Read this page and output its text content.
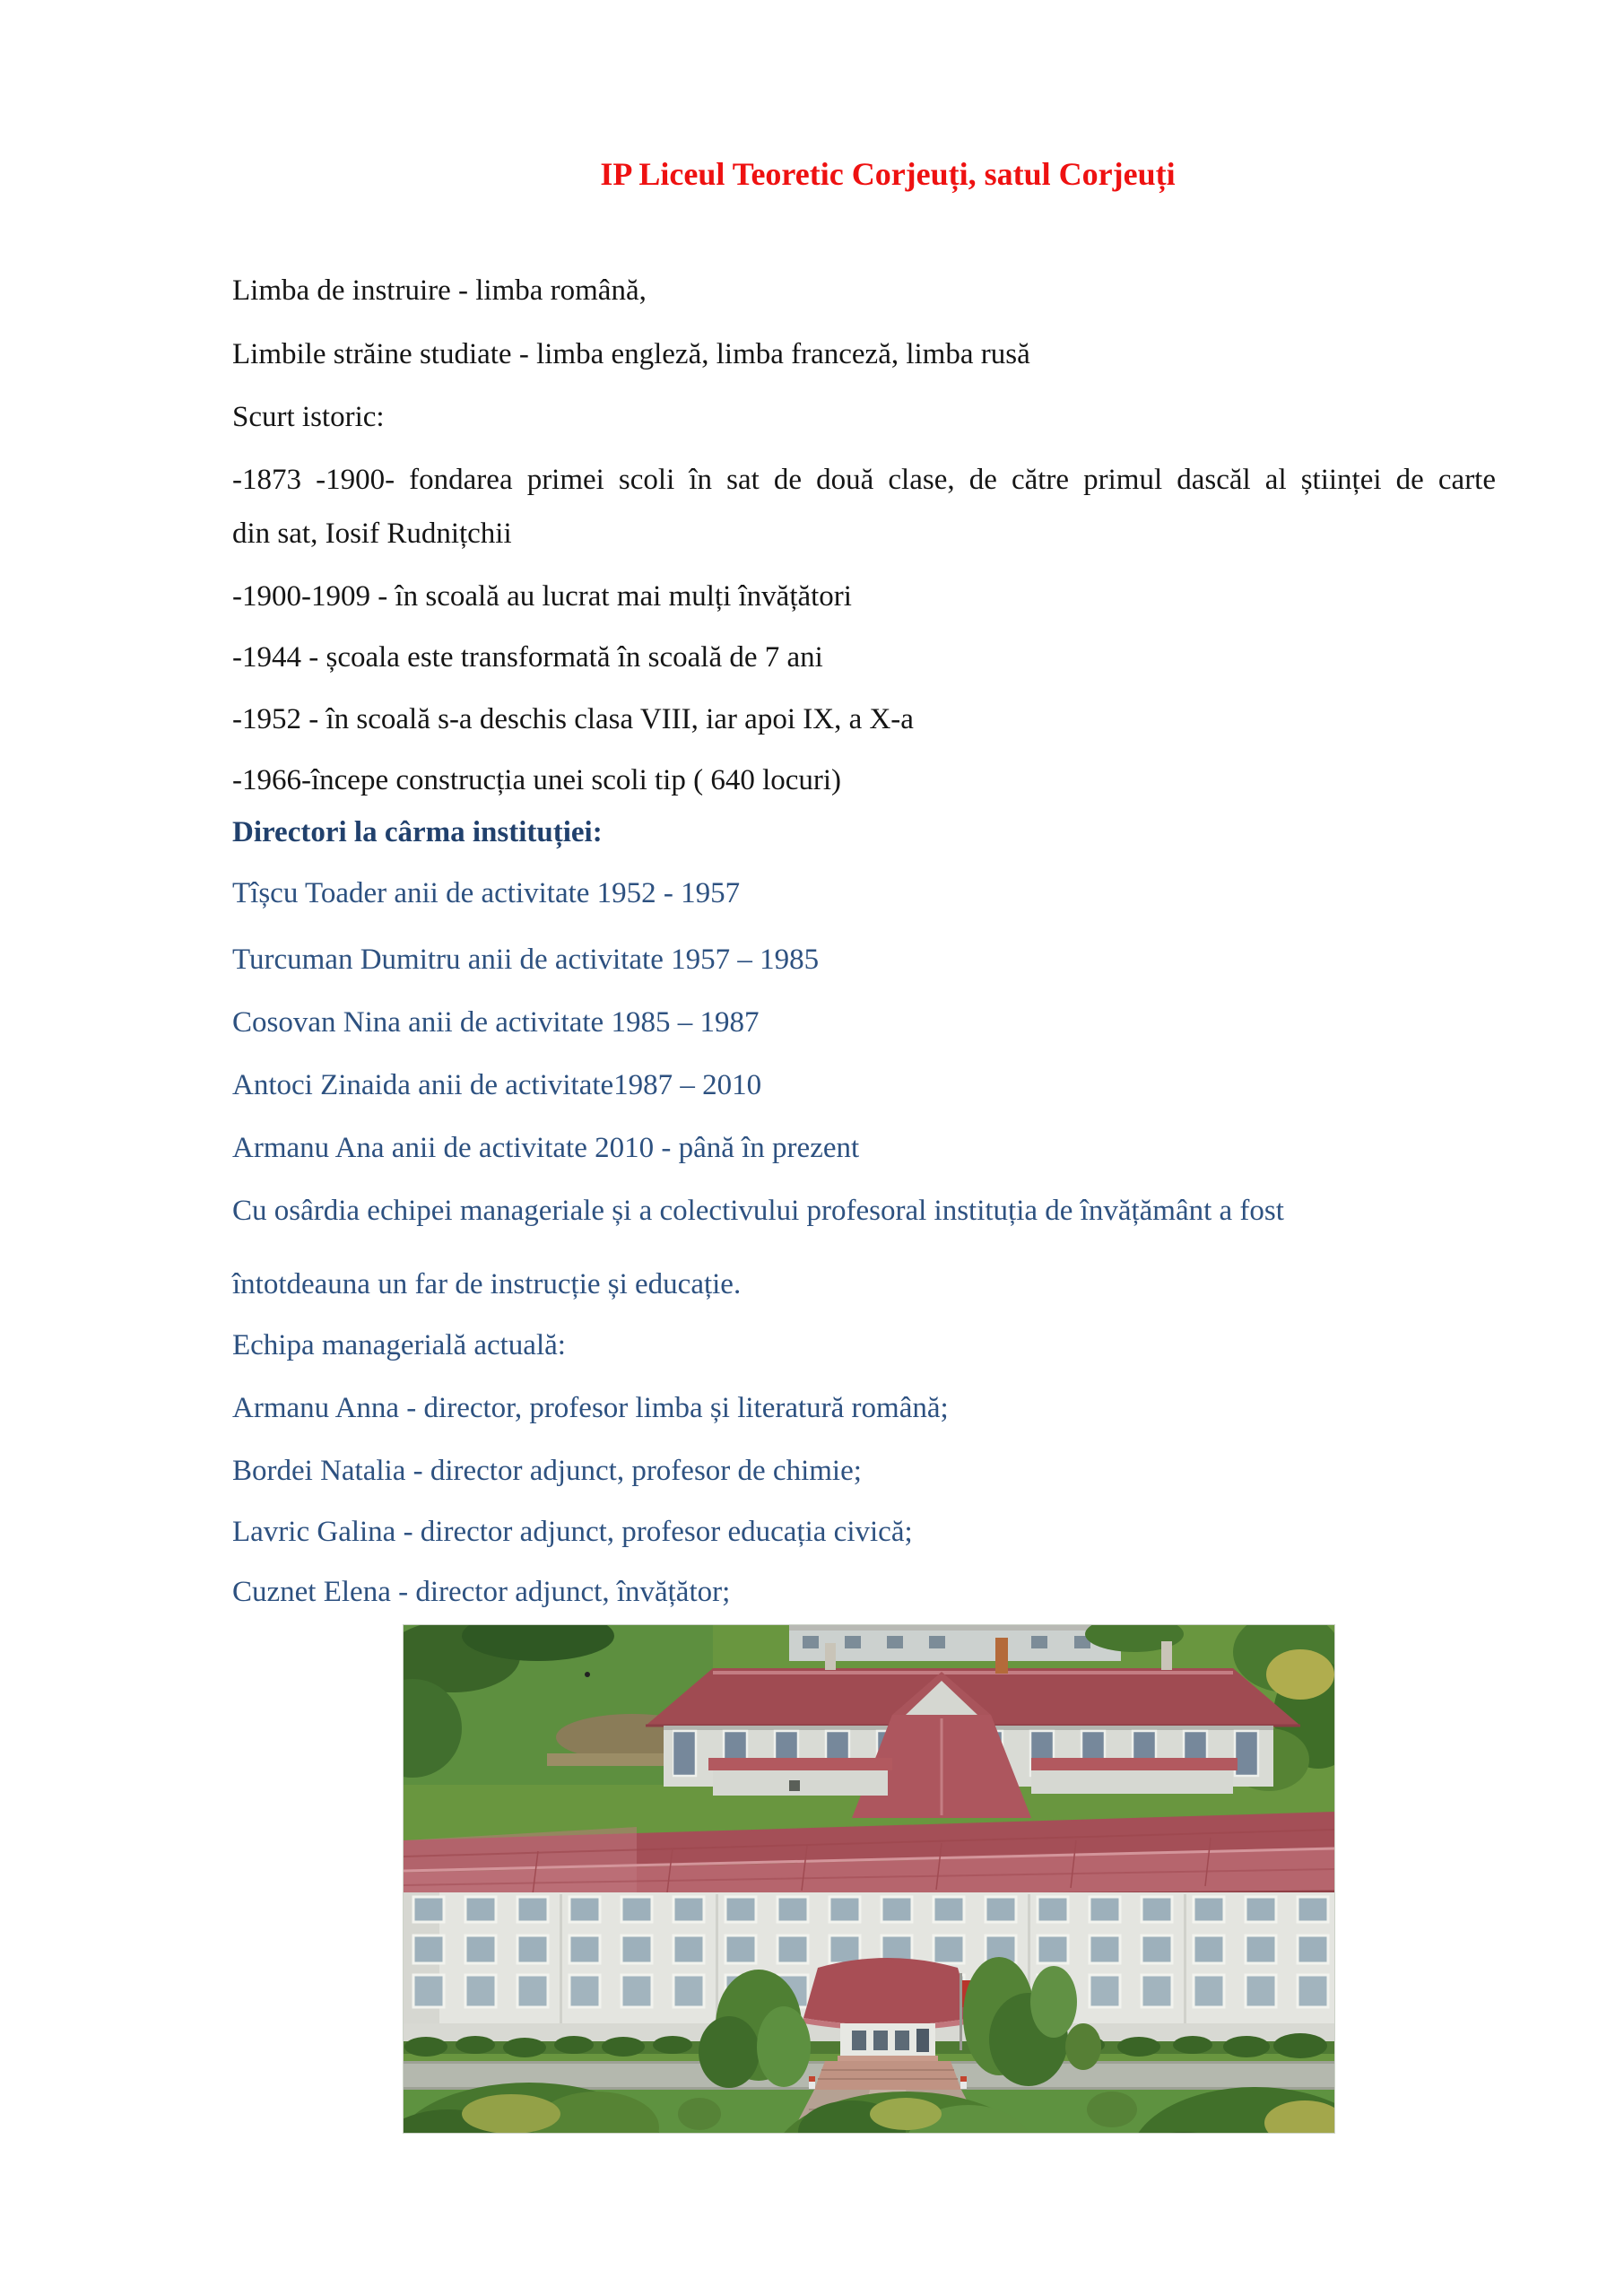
IP Liceul Teoretic Corjeuți, satul Corjeuți
Limba de instruire - limba română,
Limbile străine studiate - limba engleză, limba franceză, limba rusă
Scurt istoric:
-1873 -1900- fondarea primei scoli în sat de două clase, de către primul dascăl al științei de carte
din sat, Iosif Rudnițchii
-1900-1909 - în scoală au lucrat mai mulți învățători
-1944 - școala este transformată în scoală de 7 ani
-1952 - în scoală s-a deschis clasa VIII, iar apoi IX, a X-a
-1966-începe construcția unei scoli tip ( 640 locuri)
Directori la cârma instituției:
Tîșcu Toader anii de activitate 1952 - 1957
Turcuman Dumitru anii de activitate 1957 – 1985
Cosovan Nina anii de activitate 1985 – 1987
Antoci Zinaida anii de activitate1987 – 2010
Armanu Ana anii de activitate 2010 - până în prezent
Cu osârdia echipei manageriale și a colectivului profesoral instituția de învățământ a fost
întotdeauna un far de instrucție și educație.
Echipa managerială actuală:
Armanu Anna - director, profesor limba și literatură română;
Bordei Natalia - director adjunct, profesor de chimie;
Lavric Galina - director adjunct, profesor educația civică;
Cuznet Elena - director adjunct, învățător;
